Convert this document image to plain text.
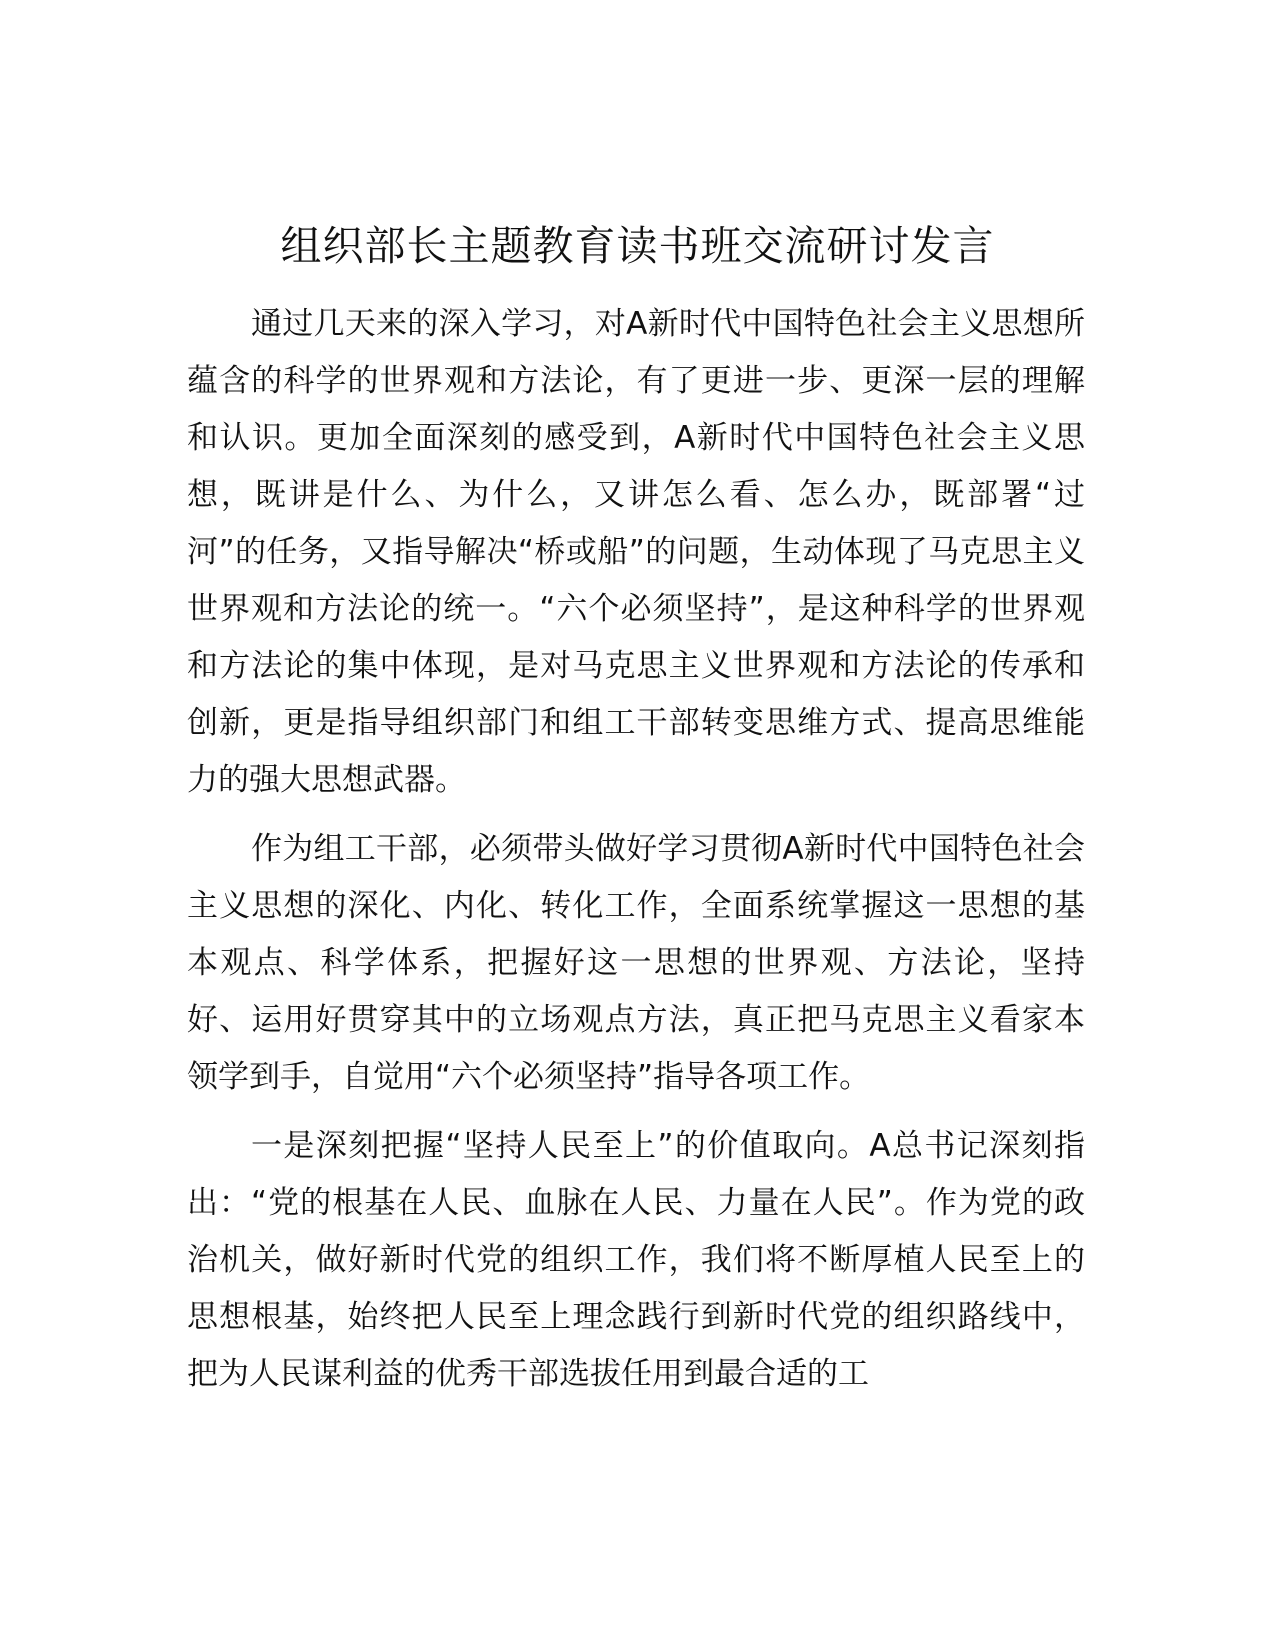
组织部长主题教育读书班交流研讨发言

通过几天来的深入学习，对A新时代中国特色社会主义思想所蕴含的科学的世界观和方法论，有了更进一步、更深一层的理解和认识。更加全面深刻的感受到，A新时代中国特色社会主义思想，既讲是什么、为什么，又讲怎么看、怎么办，既部署“过河”的任务，又指导解决“桥或船”的问题，生动体现了马克思主义世界观和方法论的统一。“六个必须坚持”，是这种科学的世界观和方法论的集中体现，是对马克思主义世界观和方法论的传承和创新，更是指导组织部门和组工干部转变思维方式、提高思维能力的强大思想武器。

作为组工干部，必须带头做好学习贯彻A新时代中国特色社会主义思想的深化、内化、转化工作，全面系统掌握这一思想的基本观点、科学体系，把握好这一思想的世界观、方法论，坚持好、运用好贯穿其中的立场观点方法，真正把马克思主义看家本领学到手，自觉用“六个必须坚持”指导各项工作。

一是深刻把握“坚持人民至上”的价值取向。A总书记深刻指出：“党的根基在人民、血脉在人民、力量在人民”。作为党的政治机关，做好新时代党的组织工作，我们将不断厚植人民至上的思想根基，始终把人民至上理念践行到新时代党的组织路线中，把为人民谋利益的优秀干部选拔任用到最合适的工
